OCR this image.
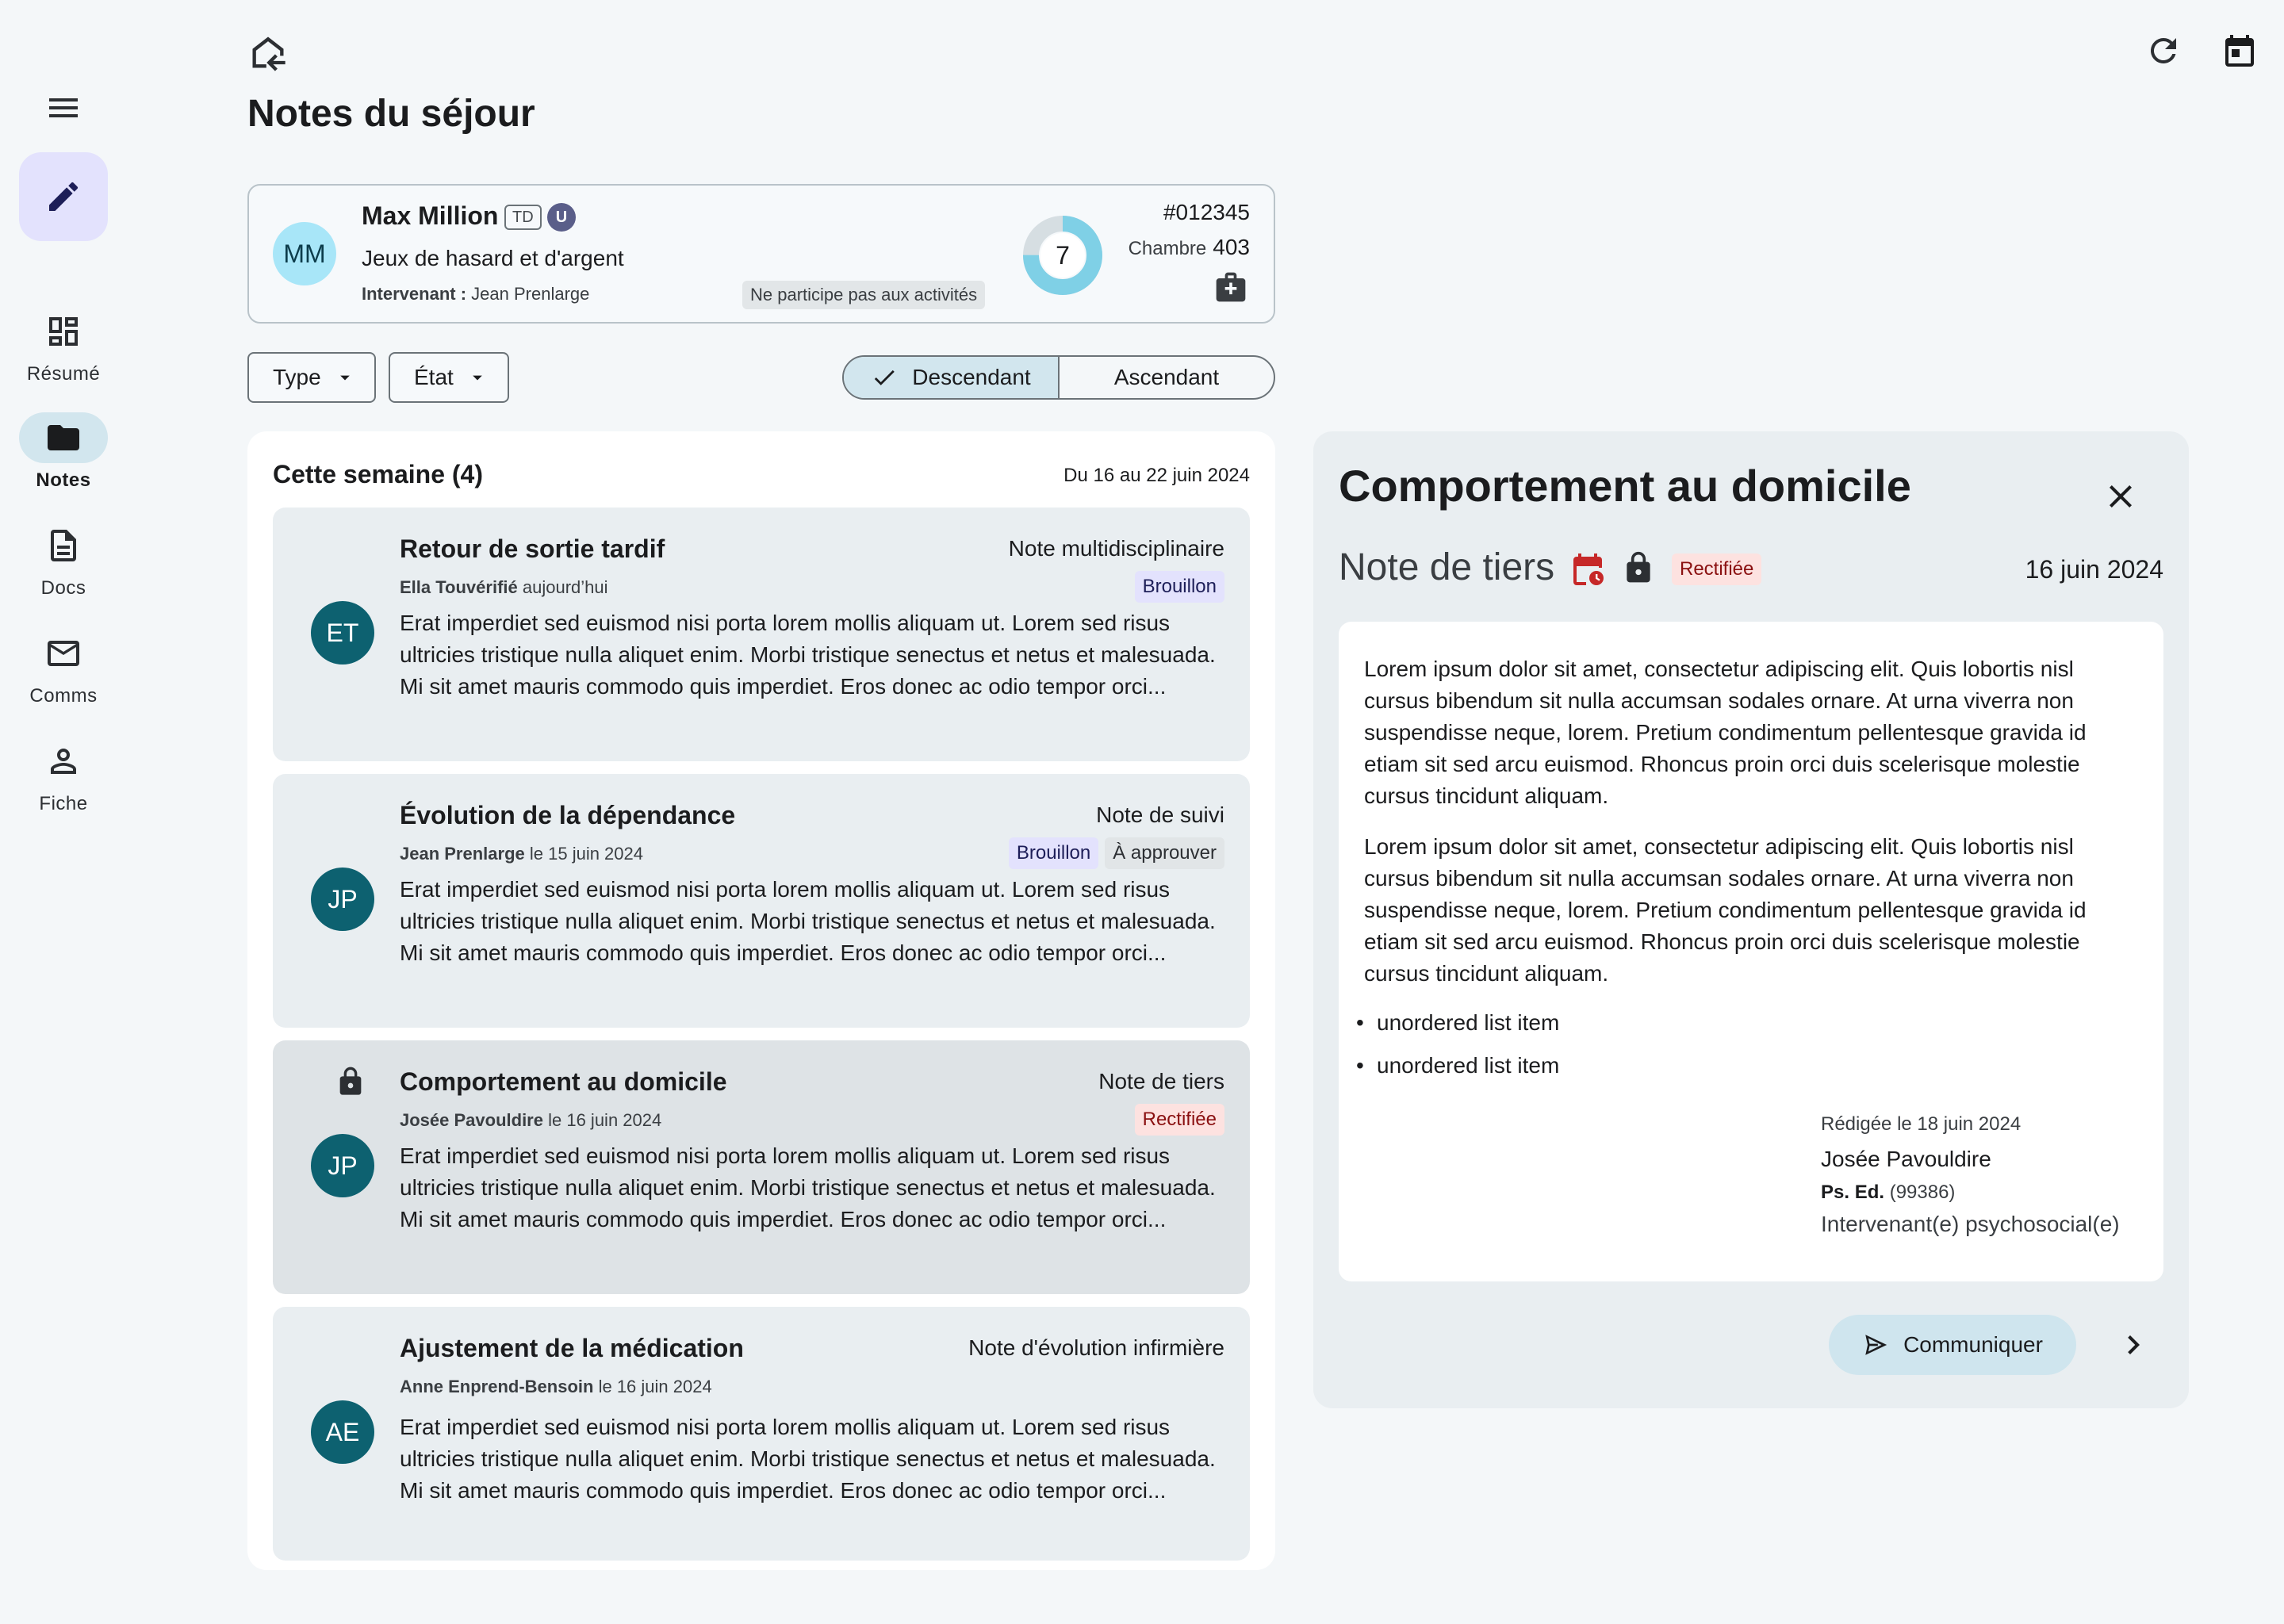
Résumé
Notes
Docs
Comms
Fiche
Notes du séjour
MM
Max Million TD	U
Jeux de hasard et d'argent
Intervenant : Jean Prenlarge	Ne participe pas aux activités
7
#012345
Chambre 403
Type	État	Descendant	Ascendant
Cette semaine (4)	Du 16 au 22 juin 2024
ET
Retour de sortie tardif	Note multidisciplinaire
Ella Touvérifié aujourd’hui	Brouillon

Erat imperdiet sed euismod nisi porta lorem mollis aliquam ut. Lorem sed risus ultricies tristique nulla aliquet enim. Morbi tristique senectus et netus et malesuada. Mi sit amet mauris commodo quis imperdiet. Eros donec ac odio tempor orci...

JP
Évolution de la dépendance	Note de suivi
Jean Prenlarge le 15 juin 2024	Brouillon	À approuver

Erat imperdiet sed euismod nisi porta lorem mollis aliquam ut. Lorem sed risus ultricies tristique nulla aliquet enim. Morbi tristique senectus et netus et malesuada. Mi sit amet mauris commodo quis imperdiet. Eros donec ac odio tempor orci...

JP
Comportement au domicile	Note de tiers
Josée Pavouldire le 16 juin 2024	Rectifiée

Erat imperdiet sed euismod nisi porta lorem mollis aliquam ut. Lorem sed risus ultricies tristique nulla aliquet enim. Morbi tristique senectus et netus et malesuada. Mi sit amet mauris commodo quis imperdiet. Eros donec ac odio tempor orci...

AE
Ajustement de la médication	Note d'évolution infirmière
Anne Enprend-Bensoin le 16 juin 2024

Erat imperdiet sed euismod nisi porta lorem mollis aliquam ut. Lorem sed risus ultricies tristique nulla aliquet enim. Morbi tristique senectus et netus et malesuada. Mi sit amet mauris commodo quis imperdiet. Eros donec ac odio tempor orci...

Comportement au domicile
Note de tiers	Rectifiée	16 juin 2024

Lorem ipsum dolor sit amet, consectetur adipiscing elit. Quis lobortis nisl cursus bibendum sit nulla accumsan sodales ornare. At urna viverra non suspendisse neque, lorem. Pretium condimentum pellentesque gravida id etiam sit sed arcu euismod. Rhoncus proin orci duis scelerisque molestie cursus tincidunt aliquam.

Lorem ipsum dolor sit amet, consectetur adipiscing elit. Quis lobortis nisl cursus bibendum sit nulla accumsan sodales ornare. At urna viverra non suspendisse neque, lorem. Pretium condimentum pellentesque gravida id etiam sit sed arcu euismod. Rhoncus proin orci duis scelerisque molestie cursus tincidunt aliquam.

• unordered list item
• unordered list item
Rédigée le 18 juin 2024
Josée Pavouldire
Ps. Ed. (99386)
Intervenant(e) psychosocial(e)
Communiquer
